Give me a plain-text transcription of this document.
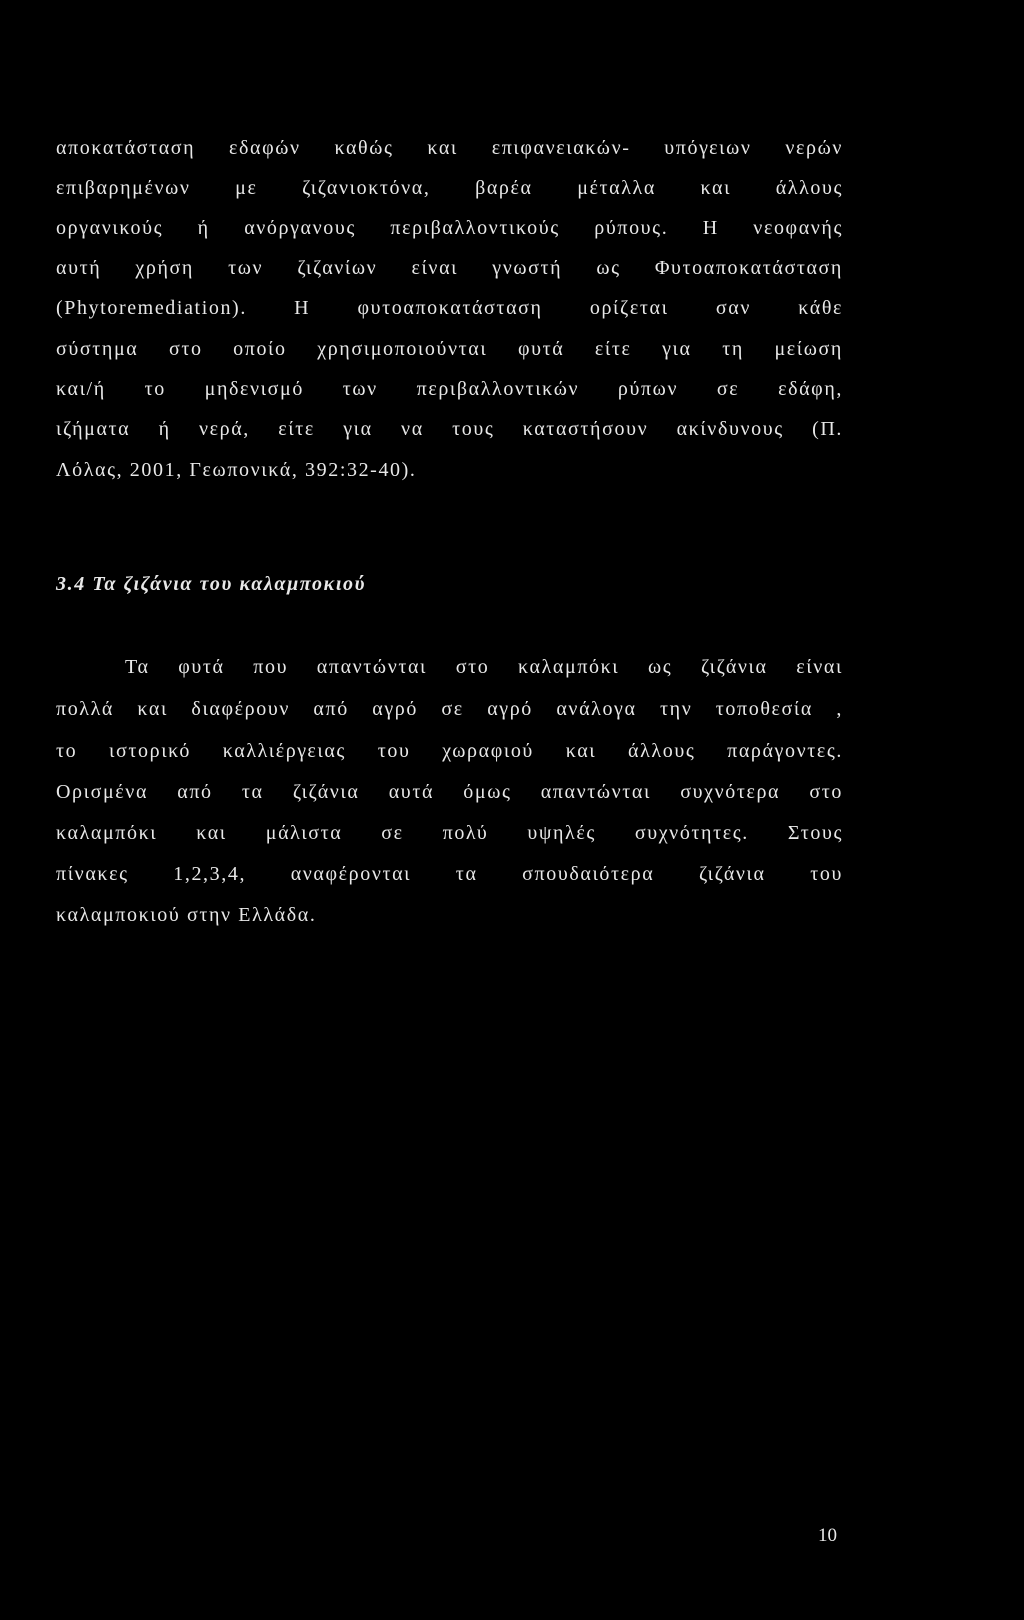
αποκατάσταση εδαφών καθώς και επιφανειακών- υπόγειων νερών
επιβαρημένων με ζιζανιοκτόνα, βαρέα μέταλλα και άλλους
οργανικούς ή ανόργανους περιβαλλοντικούς ρύπους. Η νεοφανής
αυτή χρήση των ζιζανίων είναι γνωστή ως Φυτοαποκατάσταση
(Phytoremediation). Η φυτοαποκατάσταση ορίζεται σαν κάθε
σύστημα στο οποίο χρησιμοποιούνται φυτά είτε για τη μείωση
και/ή το μηδενισμό των περιβαλλοντικών ρύπων σε εδάφη,
ιζήματα ή νερά, είτε για να τους καταστήσουν ακίνδυνους (Π.
Λόλας, 2001, Γεωπονικά, 392:32-40).
3.4 Τα ζιζάνια του καλαμποκιού
Τα φυτά που απαντώνται στο καλαμπόκι ως ζιζάνια είναι
πολλά και διαφέρουν από αγρό σε αγρό ανάλογα την τοποθεσία ,
το ιστορικό καλλιέργειας του χωραφιού και άλλους παράγοντες.
Ορισμένα από τα ζιζάνια αυτά όμως απαντώνται συχνότερα στο
καλαμπόκι και μάλιστα σε πολύ υψηλές συχνότητες. Στους
πίνακες 1,2,3,4, αναφέρονται τα σπουδαιότερα ζιζάνια του
καλαμποκιού στην Ελλάδα.
10
